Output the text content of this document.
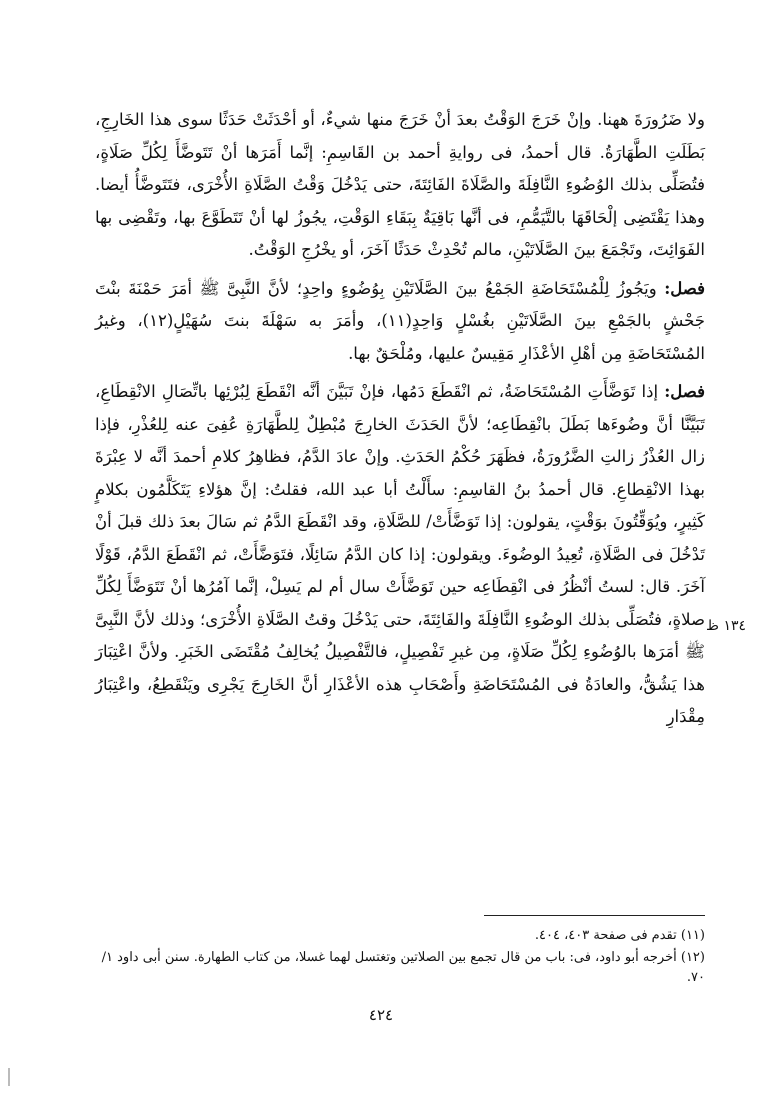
ولا ضَرُورَةَ ههنا. وإنْ خَرَجَ الوَقْتُ بعدَ أنْ خَرَجَ منها شيءٌ، أو أحْدَثَتْ حَدَثًا سوى هذا الخَارِجِ، بَطَلَتِ الطَّهَارَةُ. قال أحمدُ، فى روايةِ أحمد بن القَاسِمِ: إنَّما أَمَرَها أنْ تَتَوضَّأَ لِكُلِّ صَلَاةٍ، فتُصَلِّى بذلك الوُضُوءِ النَّافِلَةَ والصَّلَاةَ الفَائِتَةَ، حتى يَدْخُلَ وَقْتُ الصَّلَاةِ الأُخْرَى، فتَتَوضَّأُ أيضا. وهذا يَقْتَضِى إلْحَاقَهَا بالتَّيَمُّمِ، فى أنَّها بَاقِيَةٌ بِبَقَاءِ الوَقْتِ، يجُوزُ لها أنْ تَتَطَوَّعَ بها، وتَقْضِى بها الفَوَائِتَ، وتَجْمَعَ بينَ الصَّلَاتَيْنِ، مالم تُحْدِثْ حَدَثًا آخَرَ، أو يخْرُجِ الوَقْتُ.

فصل: ويَجُوزُ لِلْمُسْتَحَاضَةِ الجَمْعُ بينَ الصَّلَاتَيْنِ بِوُضُوءٍ واحِدٍ؛ لأنَّ النَّبِىَّ ﷺ أمَرَ حَمْنَةَ بنْتَ جَحْشٍ بالجَمْعِ بينَ الصَّلَاتَيْنِ بغُسْلٍ وَاحِدٍ(١١)، وأمَرَ به سَهْلَةَ بنتَ سُهَيْلٍ(١٢)، وغيرُ المُسْتَحَاضَةِ مِن أهْلِ الأعْذَارِ مَقِيسٌ عليها، ومُلْحَقٌ بها.

فصل: إذا تَوَضَّأَتِ المُسْتَحَاضَةُ، ثم انْقَطَعَ دَمُها، فإنْ تَبَيَّنَ أنَّه انْقَطَعَ لِبُرْئِها باتِّصَالِ الانْقِطَاعِ، تَبَيَّنَّا أنَّ وضُوءَها بَطَلَ بانْقِطَاعِه؛ لأنَّ الحَدَثَ الخارِجَ مُبْطِلٌ لِلطَّهَارَةِ عُفِىَ عنه لِلعُذْرِ، فإذا زال العُذْرُ زالتِ الضَّرُورَةُ، فظَهَرَ حُكْمُ الحَدَثِ. وإنْ عادَ الدَّمُ، فظاهِرُ كلامِ أحمدَ أنَّه لا عِبْرَةَ بهذا الانْقِطاعِ. قال أحمدُ بنُ القاسِمِ: سأَلْتُ أبا عبد الله، فقلتُ: إنَّ هؤلاءِ يَتَكَلَّمُون بكلامٍ كَثِيرٍ، ويُوَقِّتُونَ بوَقْتٍ، يقولون: إذا تَوَضَّأَتْ/ للصَّلَاةِ، وقد انْقَطَعَ الدَّمُ ثم سَالَ بعدَ ذلك قبلَ أنْ تَدْخُلَ فى الصَّلَاةِ، تُعِيدُ الوضُوءَ. ويقولون: إذا كان الدَّمُ سَائِلًا، فتَوَضَّأَتْ، ثم انْقَطَعَ الدَّمُ، قَوْلًا آخَرَ. قال: لستُ أنْظُرُ فى انْقِطَاعِه حين تَوَضَّأَتْ سال أم لم يَسِلْ، إنَّما آمُرُها أنْ تَتَوَضَّأَ لِكُلِّ صلاةٍ، فتُصَلِّى بذلك الوضُوءِ النَّافِلَةَ والفَائِتَةَ، حتى يَدْخُلَ وقتُ الصَّلَاةِ الأُخْرَى؛ وذلك لأنَّ النَّبِىَّ ﷺ أمَرَها بالوُضُوءِ لِكُلِّ صَلَاةٍ، مِن غيرِ تَفْصِيلٍ، فالتَّفْصِيلُ يُخالِفُ مُقْتَضَى الخَبَرِ. ولأنَّ اعْتِبَارَ هذا يَشُقُّ، والعادَةُ فى المُسْتَحَاضَةِ وأَصْحَابِ هذه الأعْذَارِ أنَّ الخَارِجَ يَجْرِى ويَنْقَطِعُ، واعْتِبَارُ مِقْدَارِ

١٣٤ ظ

(١١) تقدم فى صفحة ٤٠٣، ٤٠٤.

(١٢) أخرجه أبو داود، فى: باب من قال تجمع بين الصلاتين وتغتسل لهما غسلا، من كتاب الطهارة. سنن أبى داود ١/ ٧٠.

٤٢٤
